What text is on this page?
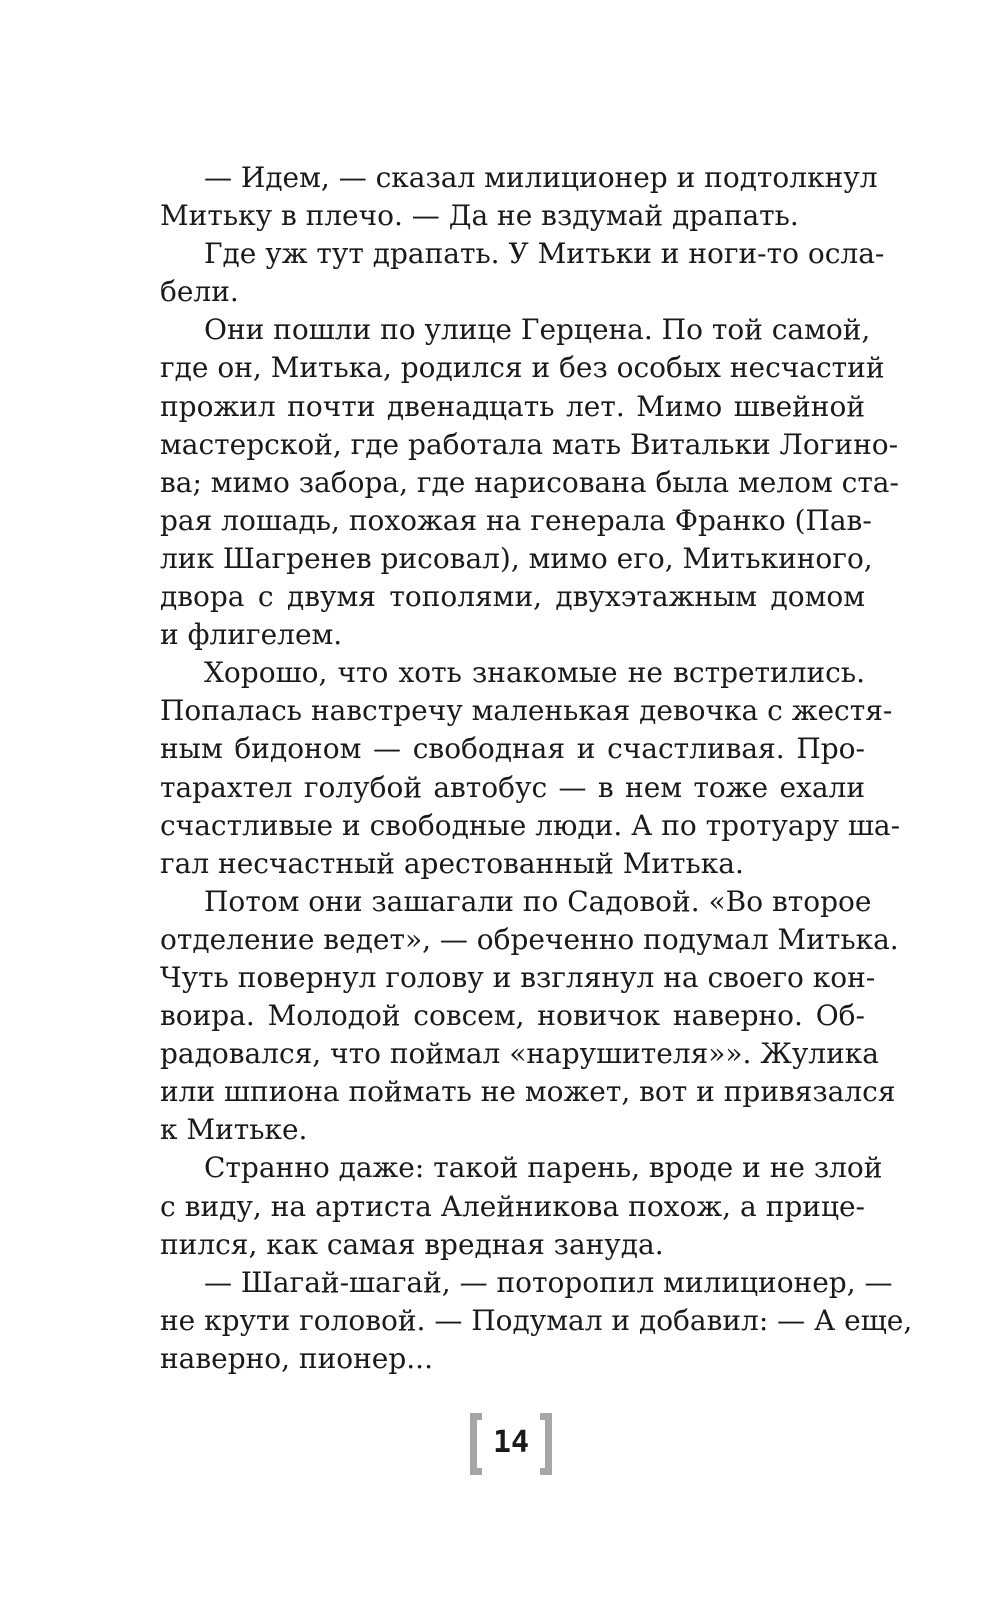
— Идем, — сказал милиционер и подтолкнул
Митьку в плечо. — Да не вздумай драпать.
Где уж тут драпать. У Митьки и ноги-то осла-
бели.
Они пошли по улице Герцена. По той самой,
где он, Митька, родился и без особых несчастий
прожил почти двенадцать лет. Мимо швейной
мастерской, где работала мать Витальки Логино-
ва; мимо забора, где нарисована была мелом ста-
рая лошадь, похожая на генерала Франко (Пав-
лик Шагренев рисовал), мимо его, Митькиного,
двора с двумя тополями, двухэтажным домом
и флигелем.
Хорошо, что хоть знакомые не встретились.
Попалась навстречу маленькая девочка с жестя-
ным бидоном — свободная и счастливая. Про-
тарахтел голубой автобус — в нем тоже ехали
счастливые и свободные люди. А по тротуару ша-
гал несчастный арестованный Митька.
Потом они зашагали по Садовой. «Во второе
отделение ведет», — обреченно подумал Митька.
Чуть повернул голову и взглянул на своего кон-
воира. Молодой совсем, новичок наверно. Об-
радовался, что поймал «нарушителя»». Жулика
или шпиона поймать не может, вот и привязался
к Митьке.
Странно даже: такой парень, вроде и не злой
с виду, на артиста Алейникова похож, а прице-
пился, как самая вредная зануда.
— Шагай-шагай, — поторопил милиционер, —
не крути головой. — Подумал и добавил: — А еще,
наверно, пионер...
14
